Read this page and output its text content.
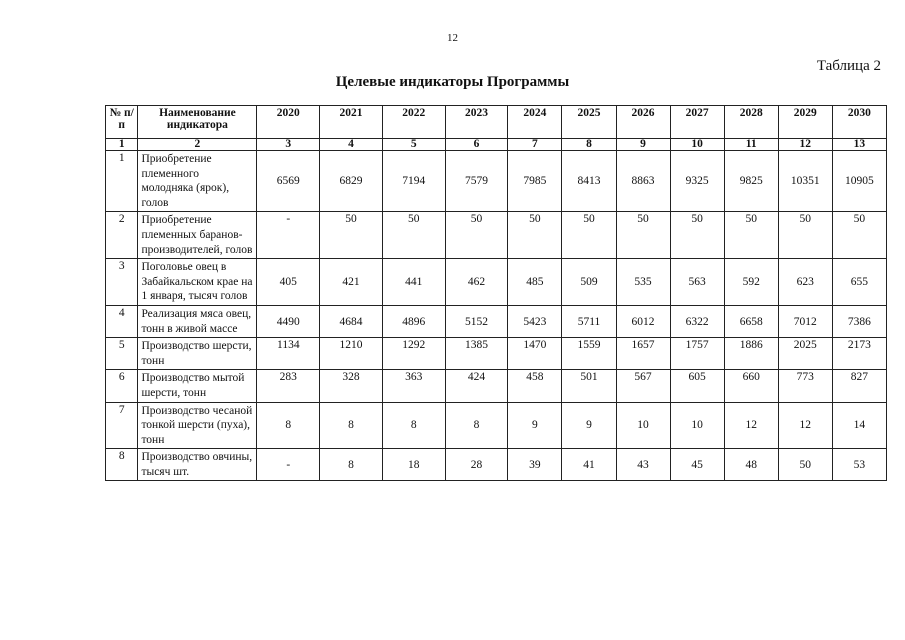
12
Таблица 2
Целевые индикаторы Программы
№ п/п	Наименование индикатора	2020	2021	2022	2023	2024	2025	2026	2027	2028	2029	2030
1	2	3	4	5	6	7	8	9	10	11	12	13
1	Приобретение племенного молодняка (ярок), голов	6569	6829	7194	7579	7985	8413	8863	9325	9825	10351	10905
2	Приобретение племенных баранов-производителей, голов	-	50	50	50	50	50	50	50	50	50	50
3	Поголовье овец в Забайкальском крае на 1 января, тысяч голов	405	421	441	462	485	509	535	563	592	623	655
4	Реализация мяса овец, тонн в живой массе	4490	4684	4896	5152	5423	5711	6012	6322	6658	7012	7386
5	Производство шерсти, тонн	1134	1210	1292	1385	1470	1559	1657	1757	1886	2025	2173
6	Производство мытой шерсти, тонн	283	328	363	424	458	501	567	605	660	773	827
7	Производство чесаной тонкой шерсти (пуха), тонн	8	8	8	8	9	9	10	10	12	12	14
8	Производство овчины, тысяч шт.	-	8	18	28	39	41	43	45	48	50	53
